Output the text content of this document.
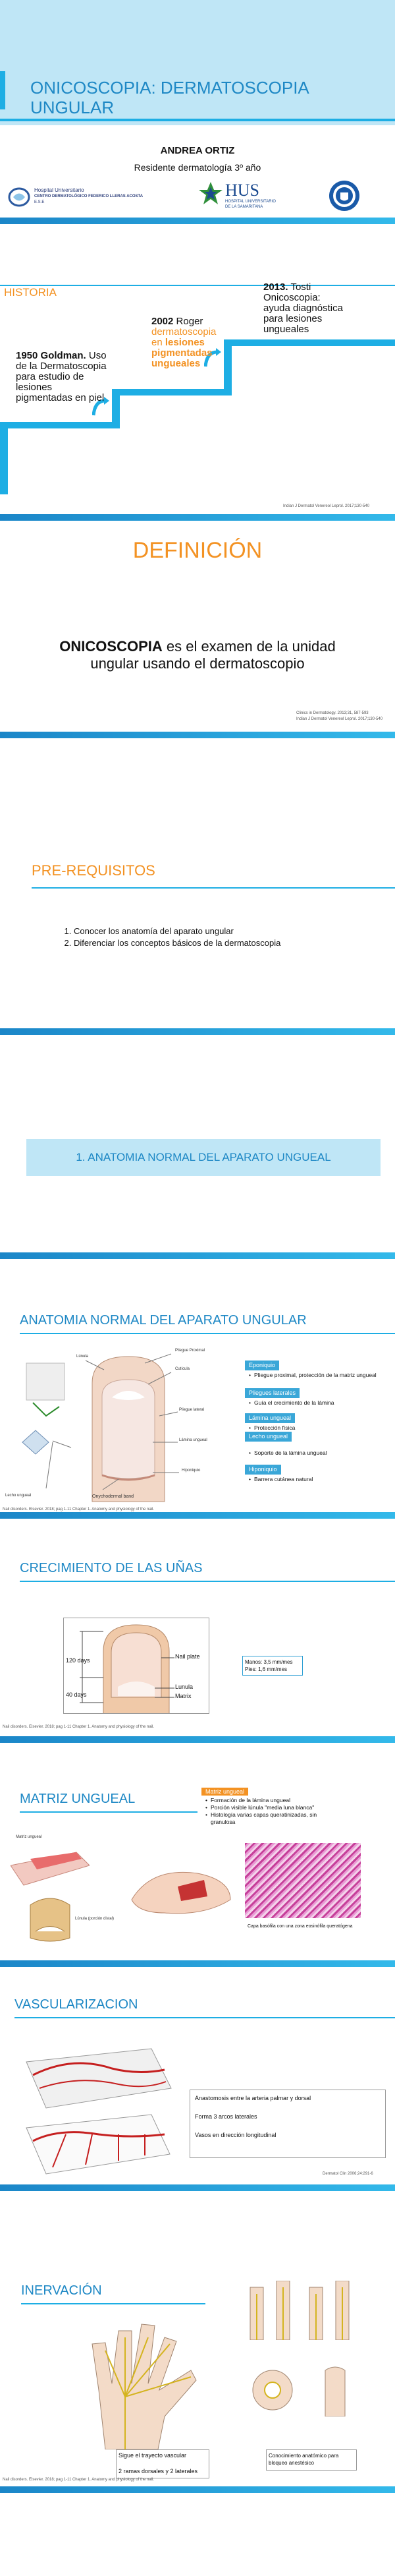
ONICOSCOPIA: DERMATOSCOPIA
UNGULAR
ANDREA ORTIZ
Residente dermatología 3º año
Hospital Universitario
CENTRO DERMATOLÓGICO FEDERICO LLERAS ACOSTA
E.S.E
HUS
HOSPITAL UNIVERSITARIO
DE LA SAMARITANA
HISTORIA
1950 Goldman. Uso de la Dermatoscopia para estudio de lesiones pigmentadas en piel
2002 Roger dermatoscopia en lesiones pigmentadas ungueales
2013. Tosti Onicoscopia: ayuda diagnóstica para lesiones ungueales
Indian J Dermatol Venereol Leprol. 2017;130-540
DEFINICIÓN
ONICOSCOPIA es el examen de la unidad
ungular usando el dermatoscopio
Clinics in Dermatology. 2013;31, 587-593
Indian J Dermatol Venereol Leprol. 2017;130-540
PRE-REQUISITOS
1. Conocer los anatomía del aparato ungular
2. Diferenciar los conceptos básicos de la dermatoscopia
1. ANATOMIA NORMAL DEL APARATO UNGUEAL
ANATOMIA NORMAL DEL APARATO UNGULAR
Lúnula
Pliegue Proximal
Cutícula
Pliegue lateral
Lámina ungueal
Hiponiquio
Onychodermal band
Lecho ungueal
Eponiquio
• Pliegue proximal, protección de la matriz ungueal
Pliegues laterales
• Guía el crecimiento de la lámina
Lámina ungueal
• Protección física
Lecho ungueal
• Soporte de la lámina ungueal
Hiponiquio
• Barrera cutánea natural
Nail disorders. Elsevier. 2018; pag 1-11 Chapter 1. Anatomy and physiology of the nail.
CRECIMIENTO DE LAS UÑAS
120 days
40 days
Nail plate
Lunula
Matrix
Manos: 3,5 mm/mes
Pies: 1,6 mm/mes
Nail disorders. Elsevier. 2018; pag 1-11 Chapter 1. Anatomy and physiology of the nail.
MATRIZ UNGUEAL	Matriz ungueal
• Formación de la lámina ungueal
• Porción visible lúnula "media luna blanca"
• Histología varias capas queratinizadas, sin granulosa
Matriz ungueal
Lúnula (porción distal)
Capa basófila con una zona eosinófila queratógena
VASCULARIZACION
Anastomosis entre la arteria palmar y dorsal
Forma 3 arcos laterales
Vasos en dirección longitudinal
Dermatol Clin 2006;24:291-6
INERVACIÓN
Sigue el trayecto vascular
2 ramas dorsales y 2 laterales
Conocimiento anatómico para
bloqueo anestésico
Nail disorders. Elsevier. 2018; pag 1-11 Chapter 1. Anatomy and physiology of the nail.
